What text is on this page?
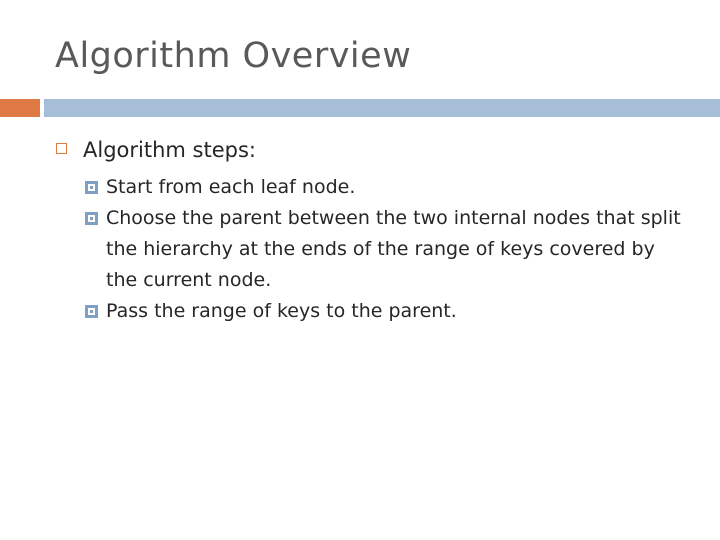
Algorithm Overview
Algorithm steps:
Start from each leaf node.
Choose the parent between the two internal nodes that split the hierarchy at the ends of the range of keys covered by the current node.
Pass the range of keys to the parent.
